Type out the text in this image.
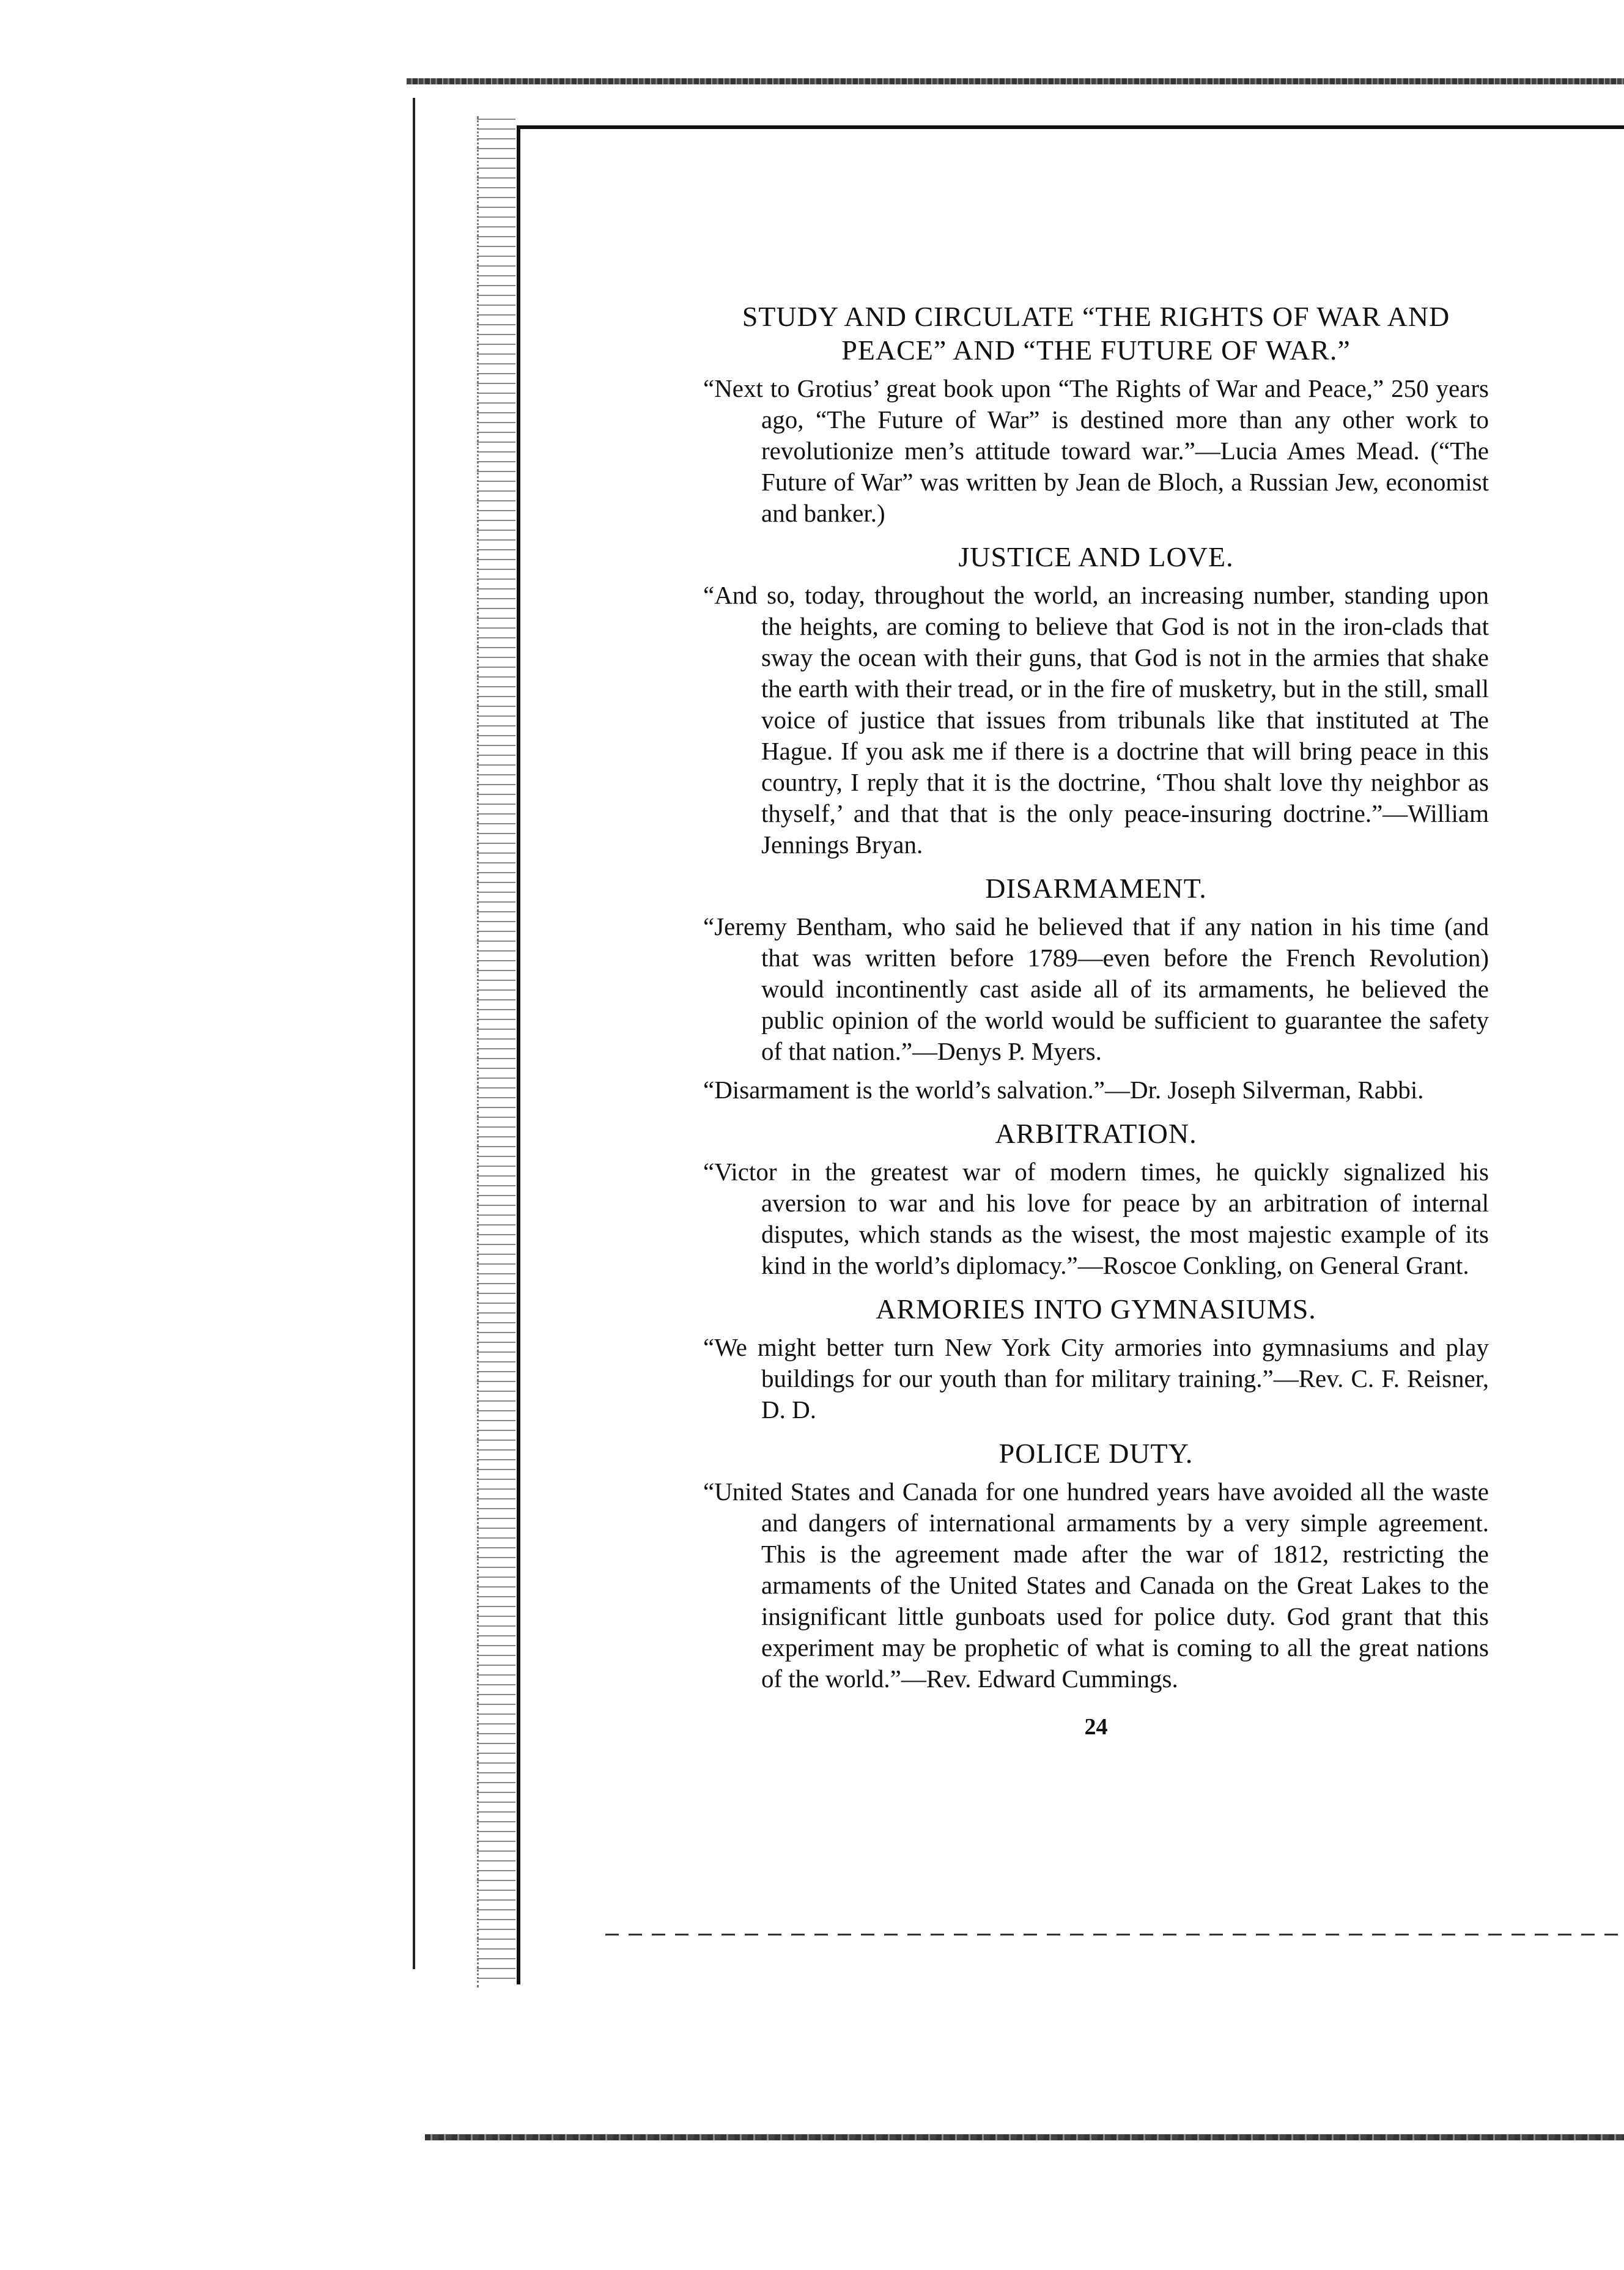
STUDY AND CIRCULATE “THE RIGHTS OF WAR AND PEACE” AND “THE FUTURE OF WAR.”

“Next to Grotius’ great book upon “The Rights of War and Peace,” 250 years ago, “The Future of War” is destined more than any other work to revolutionize men’s attitude toward war.”—Lucia Ames Mead. (“The Future of War” was written by Jean de Bloch, a Russian Jew, economist and banker.)

JUSTICE AND LOVE.

“And so, today, throughout the world, an increasing number, standing upon the heights, are coming to believe that God is not in the iron-clads that sway the ocean with their guns, that God is not in the armies that shake the earth with their tread, or in the fire of musketry, but in the still, small voice of justice that issues from tribunals like that instituted at The Hague. If you ask me if there is a doctrine that will bring peace in this country, I reply that it is the doctrine, ‘Thou shalt love thy neighbor as thyself,’ and that that is the only peace-insuring doctrine.”—William Jennings Bryan.

DISARMAMENT.

“Jeremy Bentham, who said he believed that if any nation in his time (and that was written before 1789—even before the French Revolution) would incontinently cast aside all of its armaments, he believed the public opinion of the world would be sufficient to guarantee the safety of that nation.”—Denys P. Myers.

“Disarmament is the world’s salvation.”—Dr. Joseph Silverman, Rabbi.

ARBITRATION.

“Victor in the greatest war of modern times, he quickly signalized his aversion to war and his love for peace by an arbitration of internal disputes, which stands as the wisest, the most majestic example of its kind in the world’s diplomacy.”—Roscoe Conkling, on General Grant.

ARMORIES INTO GYMNASIUMS.

“We might better turn New York City armories into gymnasiums and play buildings for our youth than for military training.”—Rev. C. F. Reisner, D. D.

POLICE DUTY.

“United States and Canada for one hundred years have avoided all the waste and dangers of international armaments by a very simple agreement. This is the agreement made after the war of 1812, restricting the armaments of the United States and Canada on the Great Lakes to the insignificant little gunboats used for police duty. God grant that this experiment may be prophetic of what is coming to all the great nations of the world.”—Rev. Edward Cummings.

24
